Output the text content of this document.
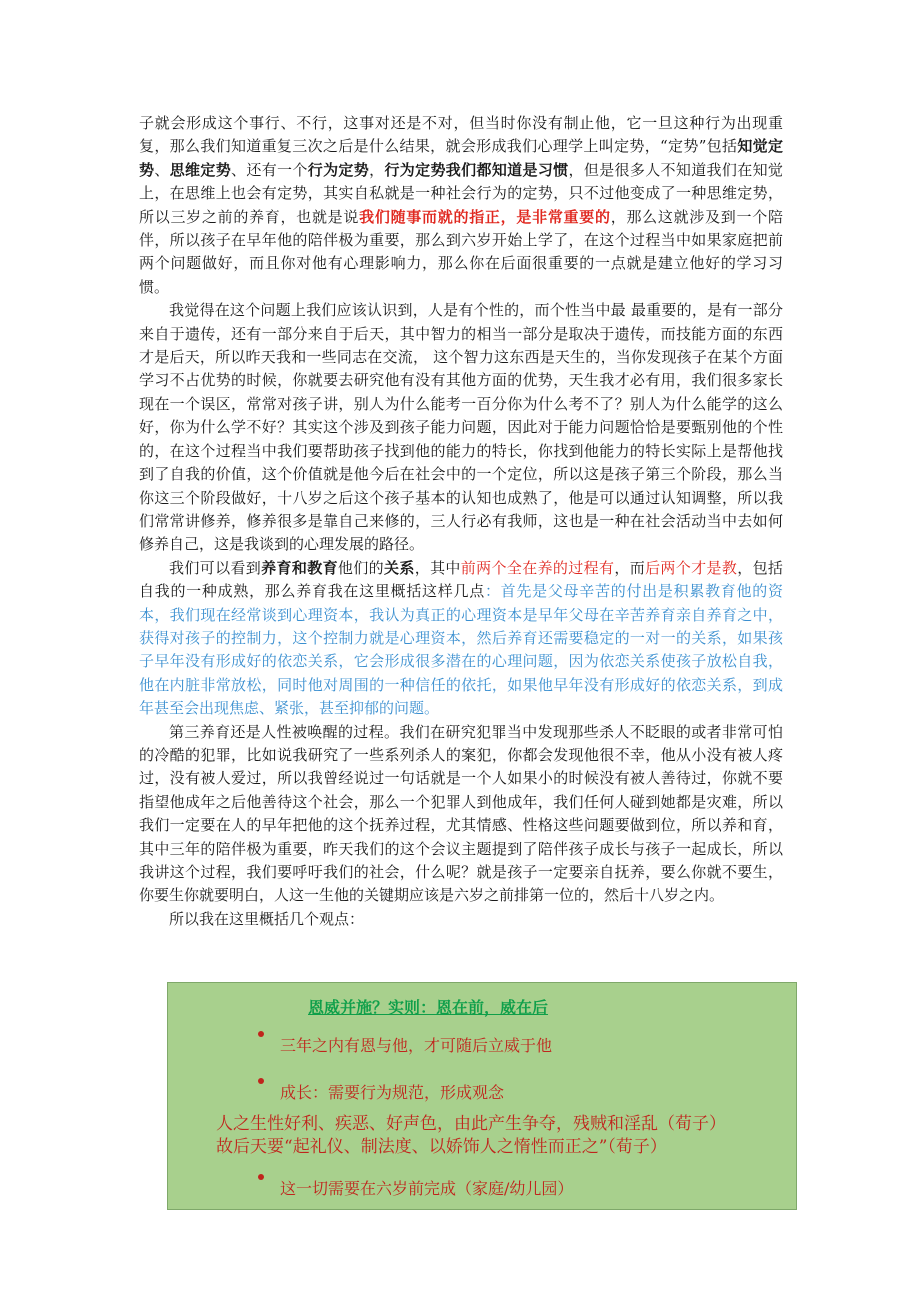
子就会形成这个事行、不行，这事对还是不对，但当时你没有制止他，它一旦这种行为出现重复，那么我们知道重复三次之后是什么结果，就会形成我们心理学上叫定势，“定势”包括知觉定势、思维定势、还有一个行为定势，行为定势我们都知道是习惯，但是很多人不知道我们在知觉上，在思维上也会有定势，其实自私就是一种社会行为的定势，只不过他变成了一种思维定势，所以三岁之前的养育，也就是说我们随事而就的指正，是非常重要的，那么这就涉及到一个陪伴，所以孩子在早年他的陪伴极为重要，那么到六岁开始上学了，在这个过程当中如果家庭把前两个问题做好，而且你对他有心理影响力，那么你在后面很重要的一点就是建立他好的学习习惯。

我觉得在这个问题上我们应该认识到，人是有个性的，而个性当中最 最重要的，是有一部分来自于遗传，还有一部分来自于后天，其中智力的相当一部分是取决于遗传，而技能方面的东西才是后天，所以昨天我和一些同志在交流， 这个智力这东西是天生的，当你发现孩子在某个方面学习不占优势的时候，你就要去研究他有没有其他方面的优势，天生我才必有用，我们很多家长现在一个误区，常常对孩子讲，别人为什么能考一百分你为什么考不了？别人为什么能学的这么好，你为什么学不好？其实这个涉及到孩子能力问题，因此对于能力问题恰恰是要甄别他的个性的，在这个过程当中我们要帮助孩子找到他的能力的特长，你找到他能力的特长实际上是帮他找到了自我的价值，这个价值就是他今后在社会中的一个定位，所以这是孩子第三个阶段，那么当你这三个阶段做好，十八岁之后这个孩子基本的认知也成熟了，他是可以通过认知调整，所以我们常常讲修养，修养很多是靠自己来修的，三人行必有我师，这也是一种在社会活动当中去如何修养自己，这是我谈到的心理发展的路径。

我们可以看到养育和教育他们的关系，其中前两个全在养的过程有，而后两个才是教，包括自我的一种成熟，那么养育我在这里概括这样几点：首先是父母辛苦的付出是积累教育他的资本，我们现在经常谈到心理资本，我认为真正的心理资本是早年父母在辛苦养育亲自养育之中，获得对孩子的控制力，这个控制力就是心理资本，然后养育还需要稳定的一对一的关系，如果孩子早年没有形成好的依恋关系，它会形成很多潜在的心理问题，因为依恋关系使孩子放松自我，他在内脏非常放松，同时他对周围的一种信任的依托，如果他早年没有形成好的依恋关系，到成年甚至会出现焦虑、紧张，甚至抑郁的问题。

第三养育还是人性被唤醒的过程。我们在研究犯罪当中发现那些杀人不眨眼的或者非常可怕的冷酷的犯罪，比如说我研究了一些系列杀人的案犯，你都会发现他很不幸，他从小没有被人疼过，没有被人爱过，所以我曾经说过一句话就是一个人如果小的时候没有被人善待过，你就不要指望他成年之后他善待这个社会，那么一个犯罪人到他成年，我们任何人碰到她都是灾难，所以我们一定要在人的早年把他的这个抚养过程，尤其情感、性格这些问题要做到位，所以养和育，其中三年的陪伴极为重要，昨天我们的这个会议主题提到了陪伴孩子成长与孩子一起成长，所以我讲这个过程，我们要呼吁我们的社会，什么呢？就是孩子一定要亲自抚养，要么你就不要生，你要生你就要明白，人这一生他的关键期应该是六岁之前排第一位的，然后十八岁之内。

所以我在这里概括几个观点：

恩威并施？实则：恩在前，威在后
三年之内有恩与他，才可随后立威于他
成长：需要行为规范，形成观念
人之生性好利、疾恶、好声色，由此产生争夺，残贼和淫乱（荀子）
故后天要“起礼仪、制法度、以娇饰人之惰性而正之”（荀子）
这一切需要在六岁前完成（家庭/幼儿园）
